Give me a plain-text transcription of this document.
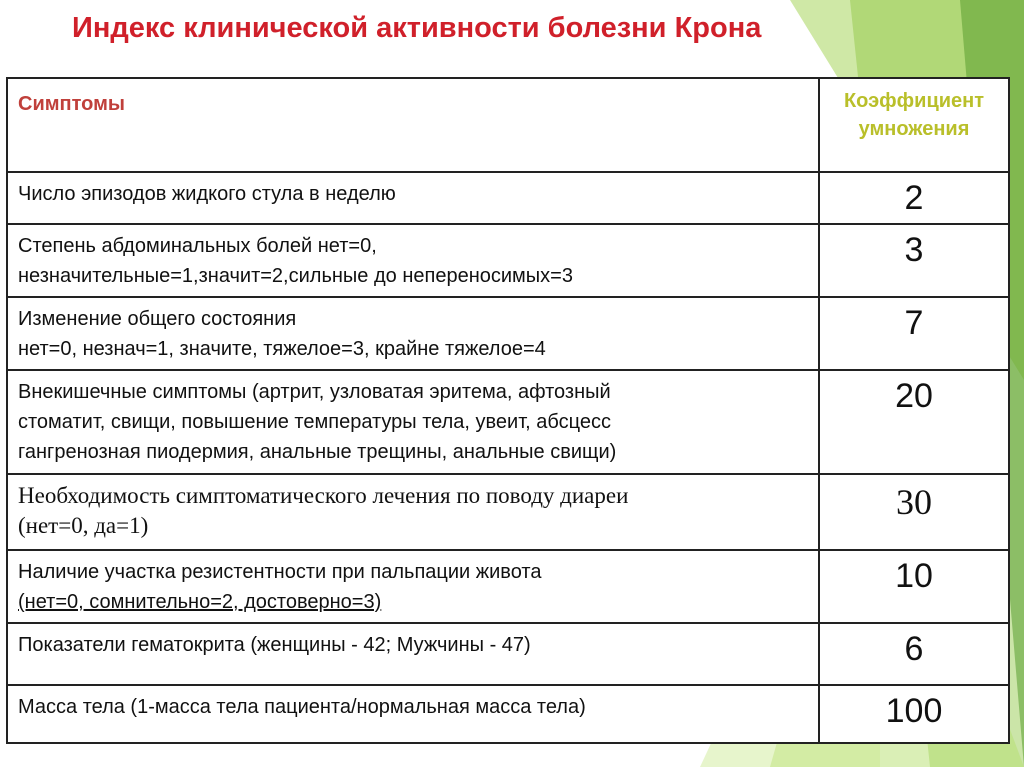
Индекс клинической активности болезни Крона
Симптомы	Коэффициент
умножения

Число эпизодов жидкого стула в неделю	2

Степень абдоминальных болей нет=0,
незначительные=1,значит=2,сильные до непереносимых=3	3

Изменение общего состояния
нет=0, незнач=1, значите, тяжелое=3, крайне тяжелое=4	7

Внекишечные симптомы (артрит, узловатая эритема, афтозный
стоматит, свищи, повышение температуры тела, увеит, абсцесс
гангренозная пиодермия, анальные трещины, анальные свищи)	20

Необходимость симптоматического лечения по поводу диареи
(нет=0, да=1)	30

Наличие участка резистентности при пальпации живота
(нет=0, сомнительно=2, достоверно=3)	10

Показатели гематокрита (женщины - 42; Мужчины - 47)	6

Масса тела (1-масса тела пациента/нормальная масса тела)	100
